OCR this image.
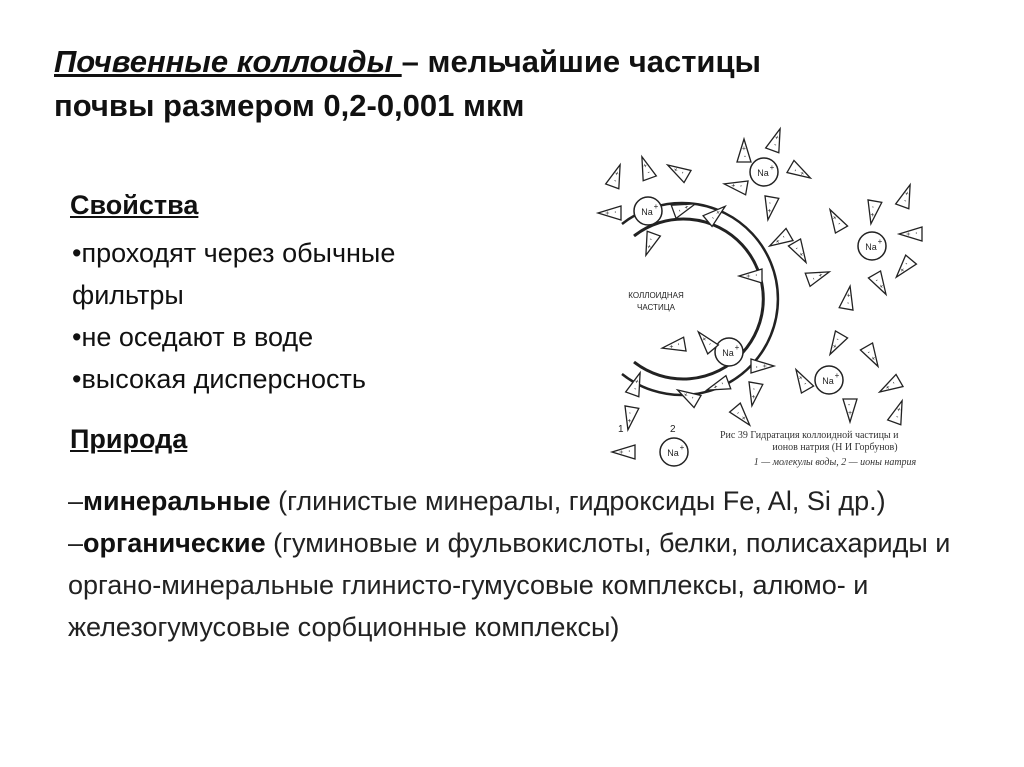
Почвенные коллоиды – мельчайшие частицы
почвы размером 0,2-0,001 мкм
Свойства
•проходят через обычные
фильтры
•не оседают в воде
•высокая дисперсность
КОЛЛОИДНАЯ
ЧАСТИЦА
Na
+
Na
+
Na
+
Na
+
Na
+
-
+	-
+
-
+
-
+
-
+
-
+
-
+	-
+
- +
-
+
-
+
-
+
-
+
-
+
-
+
-
+
-
+
-
+
-
+
-
+
-
+
-
+
-
+
- +
-
+
-
+	-
+
-
+
-
+
-
+
-
+
-
+
-
+
-
+
-
+
-
+
-
+
-
+
1	2
-
+	Na
+
Рис 39 Гидратация коллоидной частицы и
ионов натрия (Н И Горбунов)
1 — молекулы воды, 2 — ионы натрия
Природа
–минеральные (глинистые минералы, гидроксиды Fe, Al, Si др.)
–органические (гуминовые и фульвокислоты, белки, полисахариды и органо-минеральные глинисто-гумусовые комплексы, алюмо- и железогумусовые сорбционные комплексы)
